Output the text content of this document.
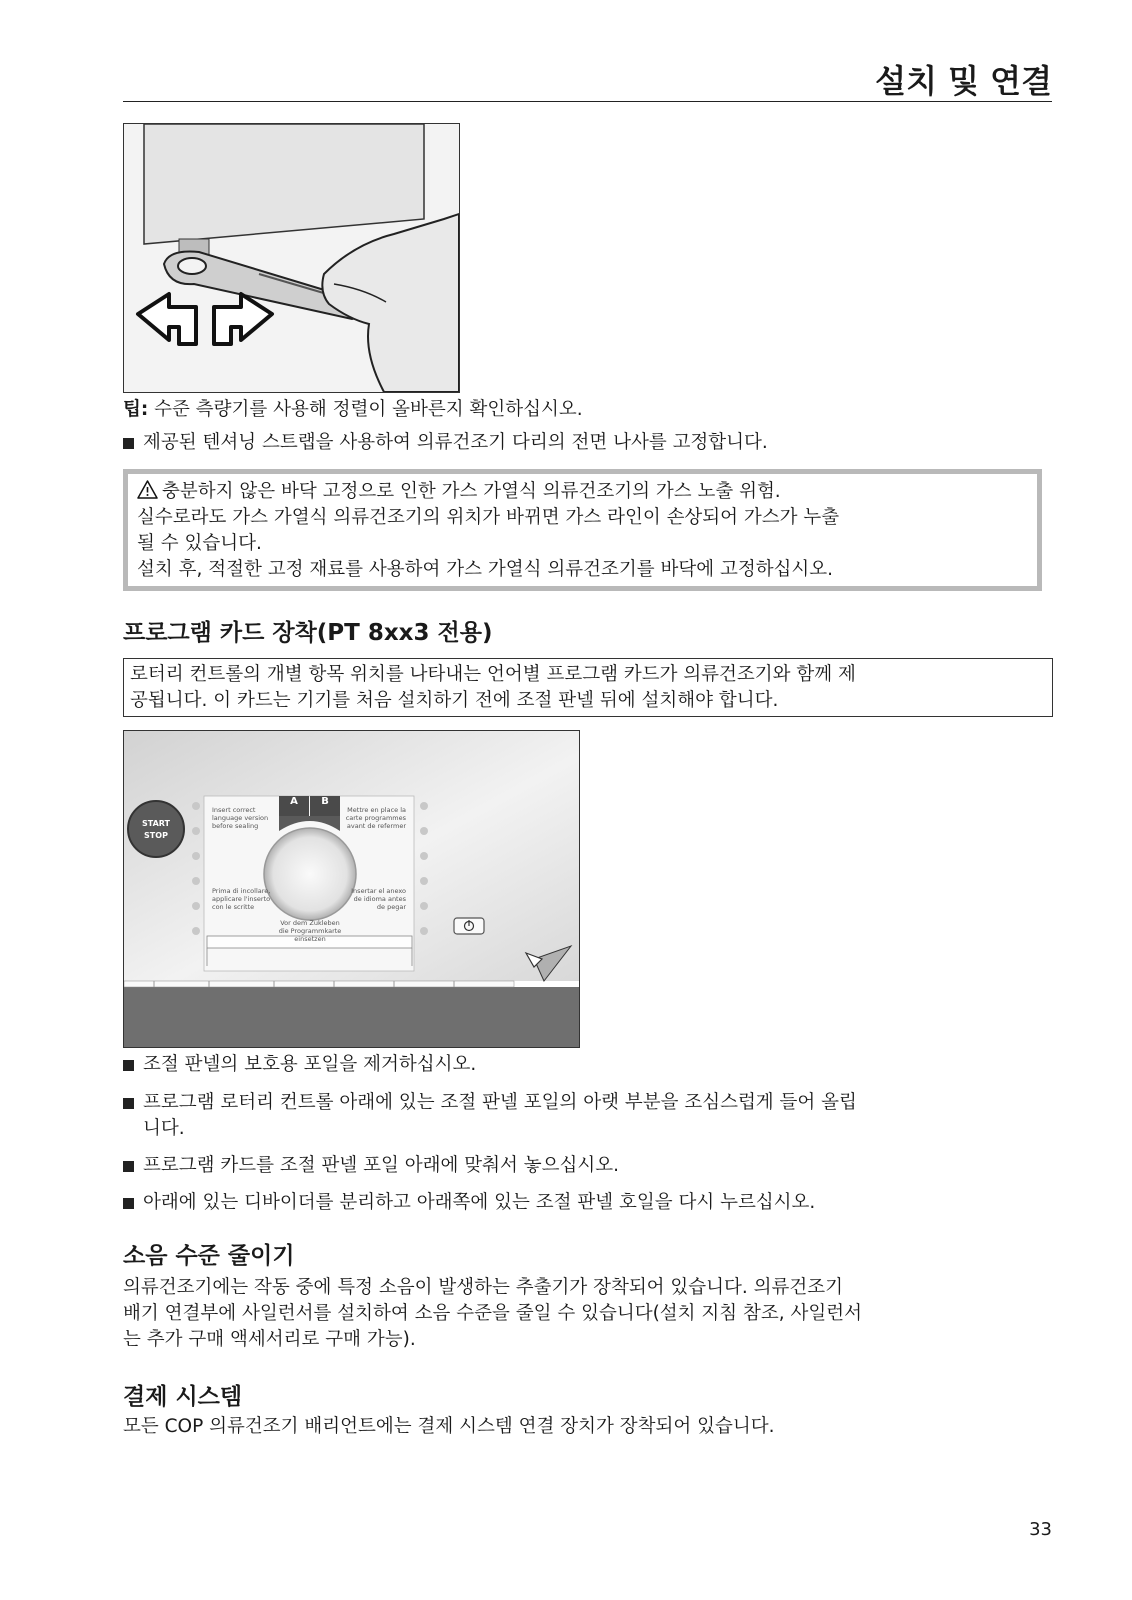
설치 및 연결
팁: 수준 측량기를 사용해 정렬이 올바른지 확인하십시오.
제공된 텐셔닝 스트랩을 사용하여 의류건조기 다리의 전면 나사를 고정합니다.
충분하지 않은 바닥 고정으로 인한 가스 가열식 의류건조기의 가스 노출 위험.
실수로라도 가스 가열식 의류건조기의 위치가 바뀌면 가스 라인이 손상되어 가스가 누출
될 수 있습니다.
설치 후, 적절한 고정 재료를 사용하여 가스 가열식 의류건조기를 바닥에 고정하십시오.
프로그램 카드 장착(PT 8xx3 전용)
로터리 컨트롤의 개별 항목 위치를 나타내는 언어별 프로그램 카드가 의류건조기와 함께 제
공됩니다. 이 카드는 기기를 처음 설치하기 전에 조절 판넬 뒤에 설치해야 합니다.
START
STOP
A	B
Insert correct
language version
before sealing
Mettre en place la
carte programmes
avant de refermer
Prima di incollare,
applicare l'inserto
con le scritte
Insertar el anexo
de idioma antes
de pegar
Vor dem Zukleben
die Programmkarte
einsetzen
조절 판넬의 보호용 포일을 제거하십시오.
프로그램 로터리 컨트롤 아래에 있는 조절 판넬 포일의 아랫 부분을 조심스럽게 들어 올립
니다.
프로그램 카드를 조절 판넬 포일 아래에 맞춰서 놓으십시오.
아래에 있는 디바이더를 분리하고 아래쪽에 있는 조절 판넬 호일을 다시 누르십시오.
소음 수준 줄이기
의류건조기에는 작동 중에 특정 소음이 발생하는 추출기가 장착되어 있습니다. 의류건조기
배기 연결부에 사일런서를 설치하여 소음 수준을 줄일 수 있습니다(설치 지침 참조, 사일런서
는 추가 구매 액세서리로 구매 가능).
결제 시스템
모든 COP 의류건조기 배리언트에는 결제 시스템 연결 장치가 장착되어 있습니다.
33
